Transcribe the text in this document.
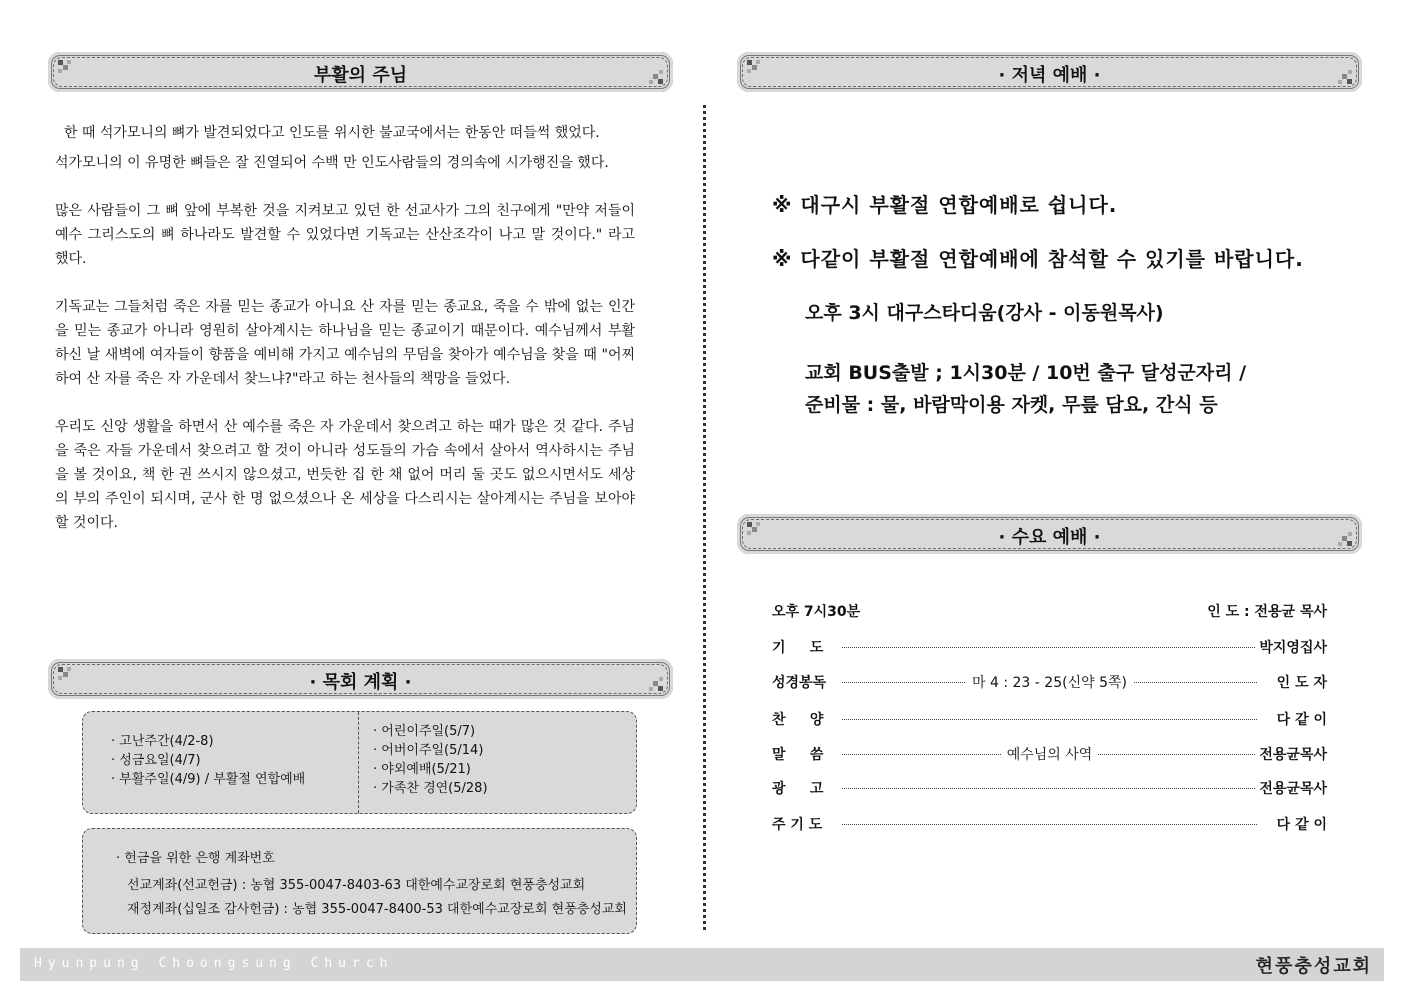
부활의 주님
한 때 석가모니의 뼈가 발견되었다고 인도를 위시한 불교국에서는 한동안 떠들썩 했었다.
석가모니의 이 유명한 뼈들은 잘 진열되어 수백 만 인도사람들의 경의속에 시가행진을 했다.
많은 사람들이 그 뼈 앞에 부복한 것을 지켜보고 있던 한 선교사가 그의 친구에게 "만약 저들이 예수 그리스도의 뼈 하나라도 발견할 수 있었다면 기독교는 산산조각이 나고 말 것이다." 라고 했다.
기독교는 그들처럼 죽은 자를 믿는 종교가 아니요 산 자를 믿는 종교요, 죽을 수 밖에 없는 인간을 믿는 종교가 아니라 영원히 살아계시는 하나님을 믿는 종교이기 때문이다. 예수님께서 부활하신 날 새벽에 여자들이 향품을 예비해 가지고 예수님의 무덤을 찾아가 예수님을 찾을 때 "어찌하여 산 자를 죽은 자 가운데서 찾느냐?"라고 하는 천사들의 책망을 들었다.
우리도 신앙 생활을 하면서 산 예수를 죽은 자 가운데서 찾으려고 하는 때가 많은 것 같다. 주님을 죽은 자들 가운데서 찾으려고 할 것이 아니라 성도들의 가슴 속에서 살아서 역사하시는 주님을 볼 것이요, 책 한 권 쓰시지 않으셨고, 번듯한 집 한 채 없어 머리 둘 곳도 없으시면서도 세상의 부의 주인이 되시며, 군사 한 명 없으셨으나 온 세상을 다스리시는 살아계시는 주님을 보아야 할 것이다.
· 목회 계획 ·
· 고난주간(4/2-8)
· 성금요일(4/7)
· 부활주일(4/9) / 부활절 연합예배
· 어린이주일(5/7)
· 어버이주일(5/14)
· 야외예배(5/21)
· 가족찬 경연(5/28)
· 헌금을 위한 은행 계좌번호
선교계좌(선교헌금) : 농협 355-0047-8403-63 대한예수교장로회 현풍충성교회
재정계좌(십일조 감사헌금) : 농협 355-0047-8400-53 대한예수교장로회 현풍충성교회
· 저녁 예배 ·
※ 대구시 부활절 연합예배로 쉽니다.
※ 다같이 부활절 연합예배에 참석할 수 있기를 바랍니다.
오후 3시 대구스타디움(강사 - 이동원목사)
교회 BUS출발 ; 1시30분 / 10번 출구 달성군자리 /
준비물 : 물, 바람막이용 자켓, 무릎 담요, 간식 등
· 수요 예배 ·
오후 7시30분	인 도 : 전용균 목사
기     도	박지영집사
성경봉독	마 4 : 23 - 25(신약 5쪽)	인 도 자
찬     양	다 같 이
말     씀	예수님의 사역	전용균목사
광     고	전용균목사
주 기 도	다 같 이
Hyunpung Choongsung Church	현풍충성교회
